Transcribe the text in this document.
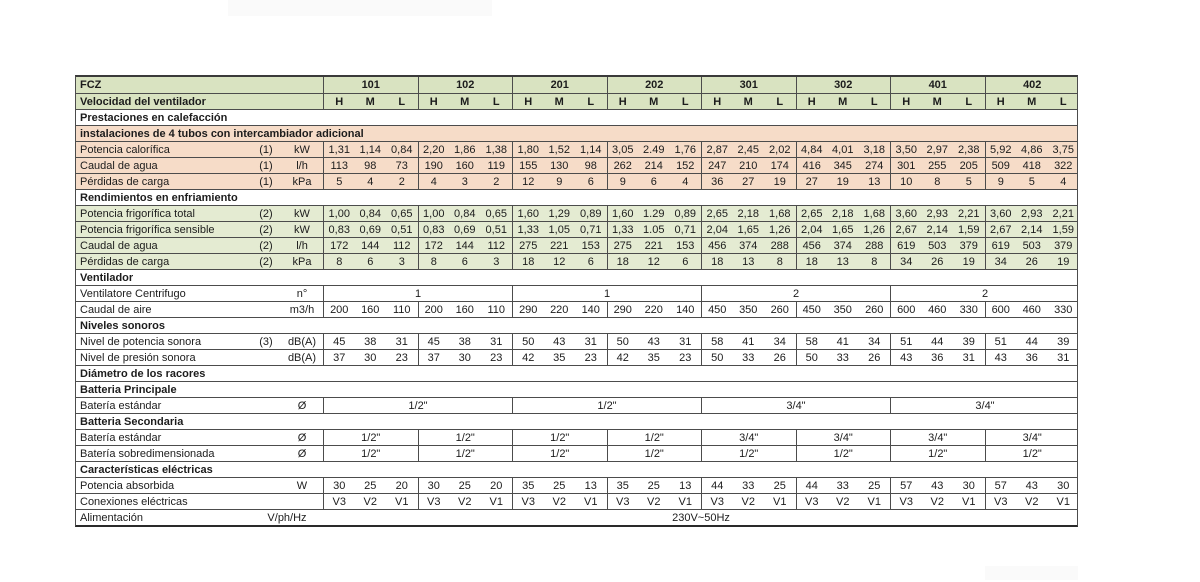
FCZ	101	102	201	202	301	302	401	402
Velocidad del ventilador	H	M	L	H	M	L	H	M	L	H	M	L	H	M	L	H	M	L	H	M	L	H	M	L
Prestaciones en calefacción
instalaciones de 4 tubos con intercambiador adicional
Potencia calorífica	(1)	kW	1,31 1,14 0,84 2,20 1,86 1,38 1,80 1,52 1,14 3,05 2.49 1,76 2,87 2,45 2,02 4,84 4,01 3,18 3,50 2,97 2,38 5,92 4,86 3,75
Caudal de agua	(1)	l/h	113	98	73	190	160	119	155	130	98	262	214	152	247	210	174	416	345	274	301	255	205	509	418	322
Pérdidas de carga	(1)	kPa	5	4	2	4	3	2	12	9	6	9	6	4	36	27	19	27	19	13	10	8	5	9	5	4
Rendimientos en enfriamiento
Potencia frigorífica total	(2)	kW	1,00 0,84 0,65 1,00 0,84 0,65 1,60 1,29 0,89 1,60 1.29 0,89 2,65 2,18 1,68 2,65 2,18 1,68 3,60 2,93 2,21 3,60 2,93 2,21
Potencia frigorífica sensible	(2)	kW	0,83 0,69 0,51 0,83 0,69 0,51 1,33 1,05 0,71 1,33 1.05 0,71 2,04 1,65 1,26 2,04 1,65 1,26 2,67 2,14 1,59 2,67 2,14 1,59
Caudal de agua	(2)	l/h	172	144	112	172	144	112	275	221	153	275	221	153	456	374	288	456	374	288	619	503	379	619	503	379
Pérdidas de carga	(2)	kPa	8	6	3	8	6	3	18	12	6	18	12	6	18	13	8	18	13	8	34	26	19	34	26	19
Ventilador
Ventilatore Centrifugo	n°	1	1	2	2
Caudal de aire	m3/h	200	160	110	200	160	110	290	220	140	290	220	140	450	350	260	450	350	260	600	460	330	600	460	330
Niveles sonoros
Nivel de potencia sonora	(3)	dB(A)	45	38	31	45	38	31	50	43	31	50	43	31	58	41	34	58	41	34	51	44	39	51	44	39
Nivel de presión sonora	dB(A)	37	30	23	37	30	23	42	35	23	42	35	23	50	33	26	50	33	26	43	36	31	43	36	31
Diámetro de los racores
Batteria Principale
Batería estándar	Ø	1/2"	1/2"	3/4"	3/4"
Batteria Secondaria
Batería estándar	Ø	1/2"	1/2"	1/2"	1/2"	3/4"	3/4"	3/4"	3/4"
Batería sobredimensionada	Ø	1/2"	1/2"	1/2"	1/2"	1/2"	1/2"	1/2"	1/2"
Características eléctricas
Potencia absorbida	W	30	25	20	30	25	20	35	25	13	35	25	13	44	33	25	44	33	25	57	43	30	57	43	30
Conexiones eléctricas	V3	V2	V1	V3	V2	V1	V3	V2	V1	V3	V2	V1	V3	V2	V1	V3	V2	V1	V3	V2	V1	V3	V2	V1
Alimentación	V/ph/Hz	230V~50Hz
